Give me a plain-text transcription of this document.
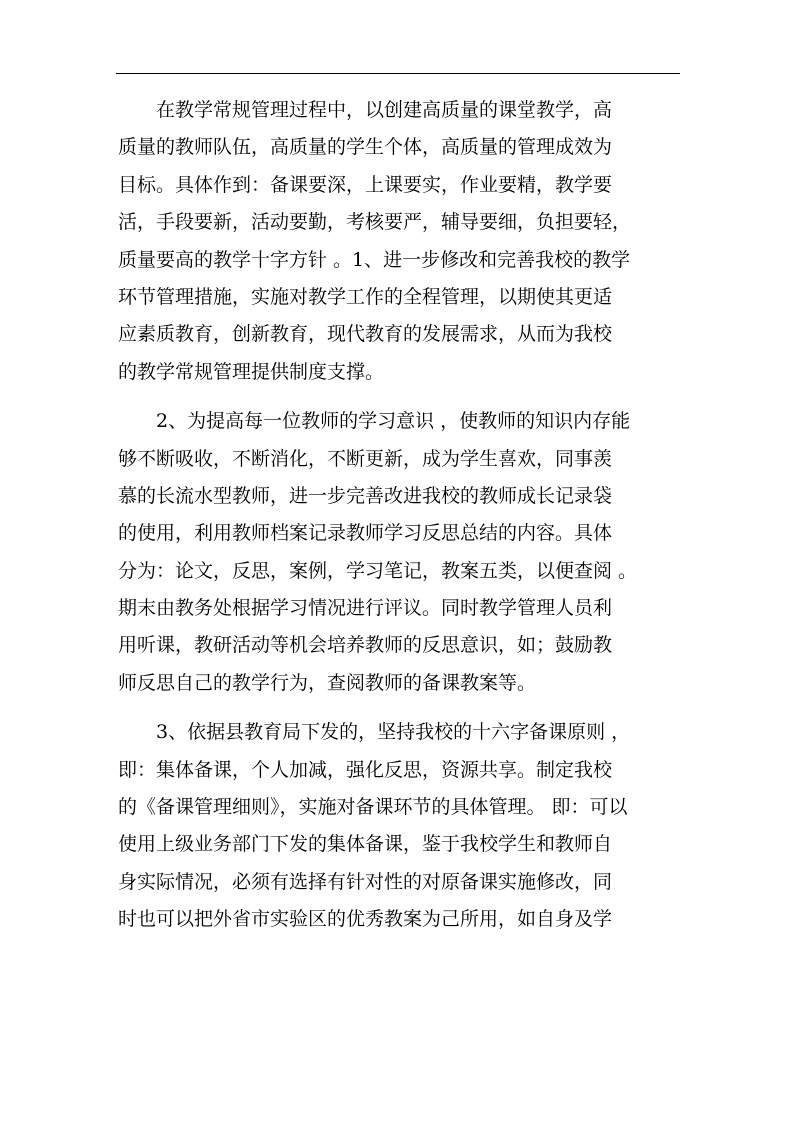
　　在教学常规管理过程中，以创建高质量的课堂教学，高
质量的教师队伍，高质量的学生个体，高质量的管理成效为
目标。具体作到：备课要深，上课要实，作业要精，教学要
活，手段要新，活动要勤，考核要严，辅导要细，负担要轻，
质量要高的教学十字方针 。1、进一步修改和完善我校的教学
环节管理措施，实施对教学工作的全程管理，以期使其更适
应素质教育，创新教育，现代教育的发展需求，从而为我校
的教学常规管理提供制度支撑。
　　2、为提高每一位教师的学习意识 ，使教师的知识内存能
够不断吸收，不断消化，不断更新，成为学生喜欢，同事羡
慕的长流水型教师，进一步完善改进我校的教师成长记录袋
的使用，利用教师档案记录教师学习反思总结的内容。具体
分为：论文，反思，案例，学习笔记，教案五类，以便查阅 。
期末由教务处根据学习情况进行评议。同时教学管理人员利
用听课，教研活动等机会培养教师的反思意识，如；鼓励教
师反思自己的教学行为，查阅教师的备课教案等。
　　3、依据县教育局下发的，坚持我校的十六字备课原则 ，
即：集体备课，个人加减，强化反思，资源共享。制定我校
的《备课管理细则》，实施对备课环节的具体管理。 即：可以
使用上级业务部门下发的集体备课，鉴于我校学生和教师自
身实际情况，必须有选择有针对性的对原备课实施修改，同
时也可以把外省市实验区的优秀教案为己所用，如自身及学
